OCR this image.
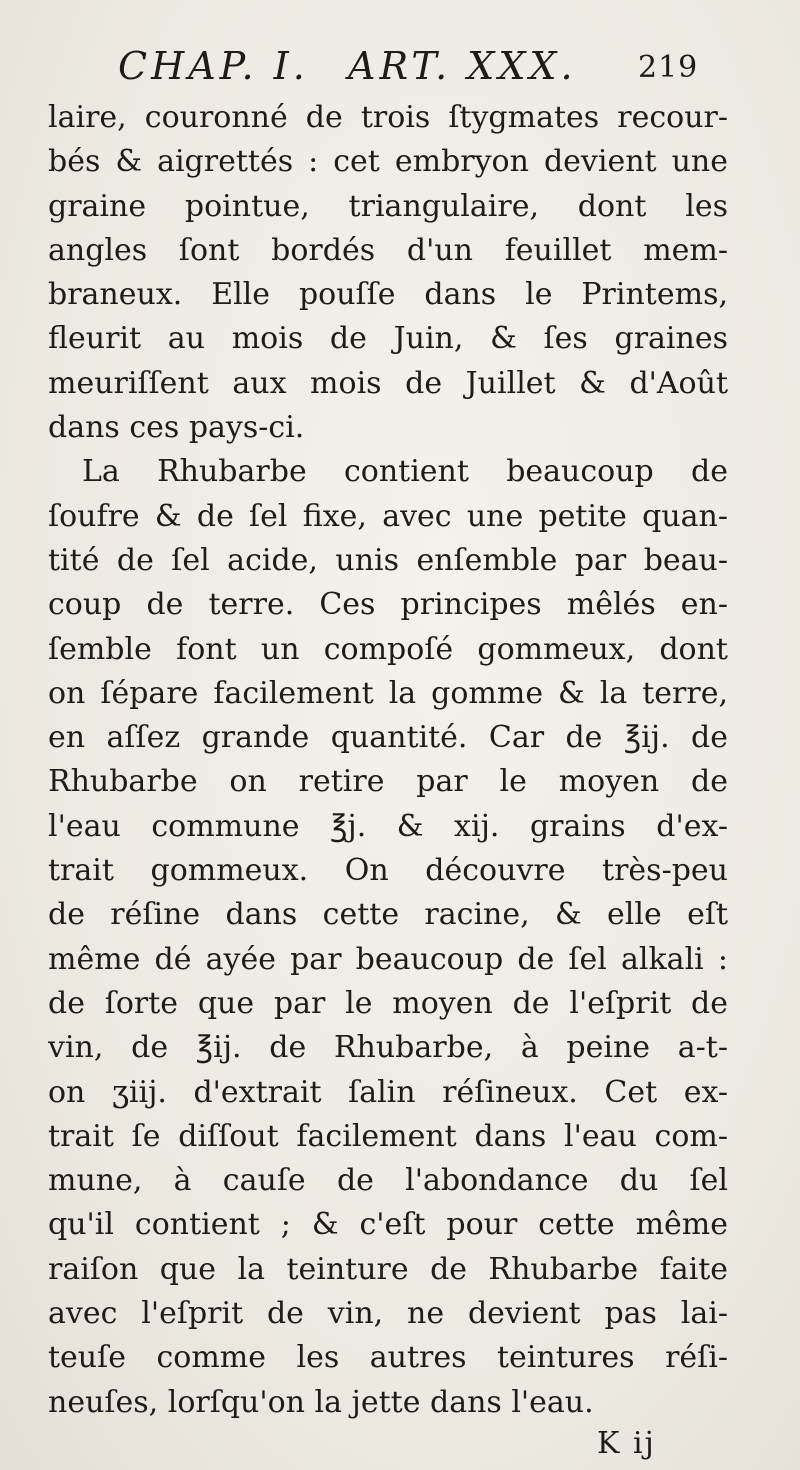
CHAP. I. ART. XXX. 219
laire, couronné de trois ſtygmates recour-
bés & aigrettés : cet embryon devient une
graine pointue, triangulaire, dont les
angles ſont bordés d'un feuillet mem-
braneux. Elle pouſſe dans le Printems,
fleurit au mois de Juin, & ſes graines
meuriſſent aux mois de Juillet & d'Août
dans ces pays-ci.
La Rhubarbe contient beaucoup de
ſoufre & de ſel fixe, avec une petite quan-
tité de ſel acide, unis enſemble par beau-
coup de terre. Ces principes mêlés en-
ſemble font un compoſé gommeux, dont
on ſépare facilement la gomme & la terre,
en aſſez grande quantité. Car de ℥ij. de
Rhubarbe on retire par le moyen de
l'eau commune ℥j. & xij. grains d'ex-
trait gommeux. On découvre très-peu
de réſine dans cette racine, & elle eſt
même dé ayée par beaucoup de ſel alkali :
de ſorte que par le moyen de l'eſprit de
vin, de ℥ij. de Rhubarbe, à peine a-t-
on ʒiij. d'extrait ſalin réſineux. Cet ex-
trait ſe diſſout facilement dans l'eau com-
mune, à cauſe de l'abondance du ſel
qu'il contient ; & c'eſt pour cette même
raiſon que la teinture de Rhubarbe faite
avec l'eſprit de vin, ne devient pas lai-
teuſe comme les autres teintures réſi-
neuſes, lorſqu'on la jette dans l'eau.
K ij
